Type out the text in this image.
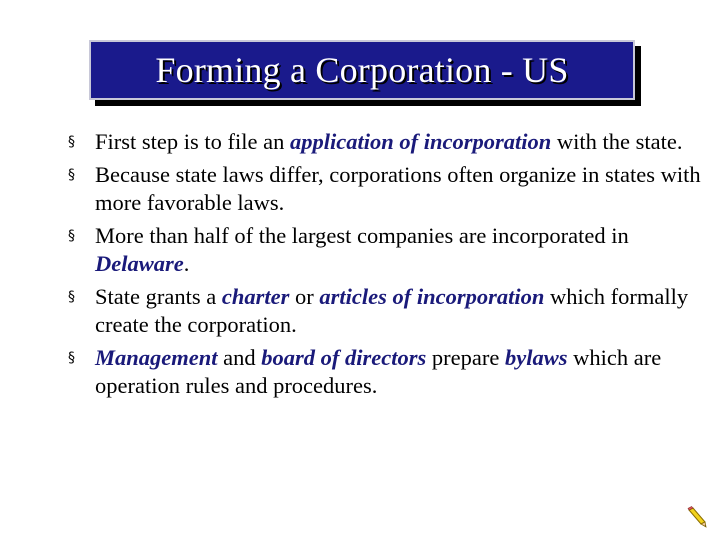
Forming a Corporation - US
§ First step is to file an application of incorporation with the state.
§ Because state laws differ, corporations often organize in states with more favorable laws.
§ More than half of the largest companies are incorporated in Delaware.
§ State grants a charter or articles of incorporation which formally create the corporation.
§ Management and board of directors prepare bylaws which are operation rules and procedures.
